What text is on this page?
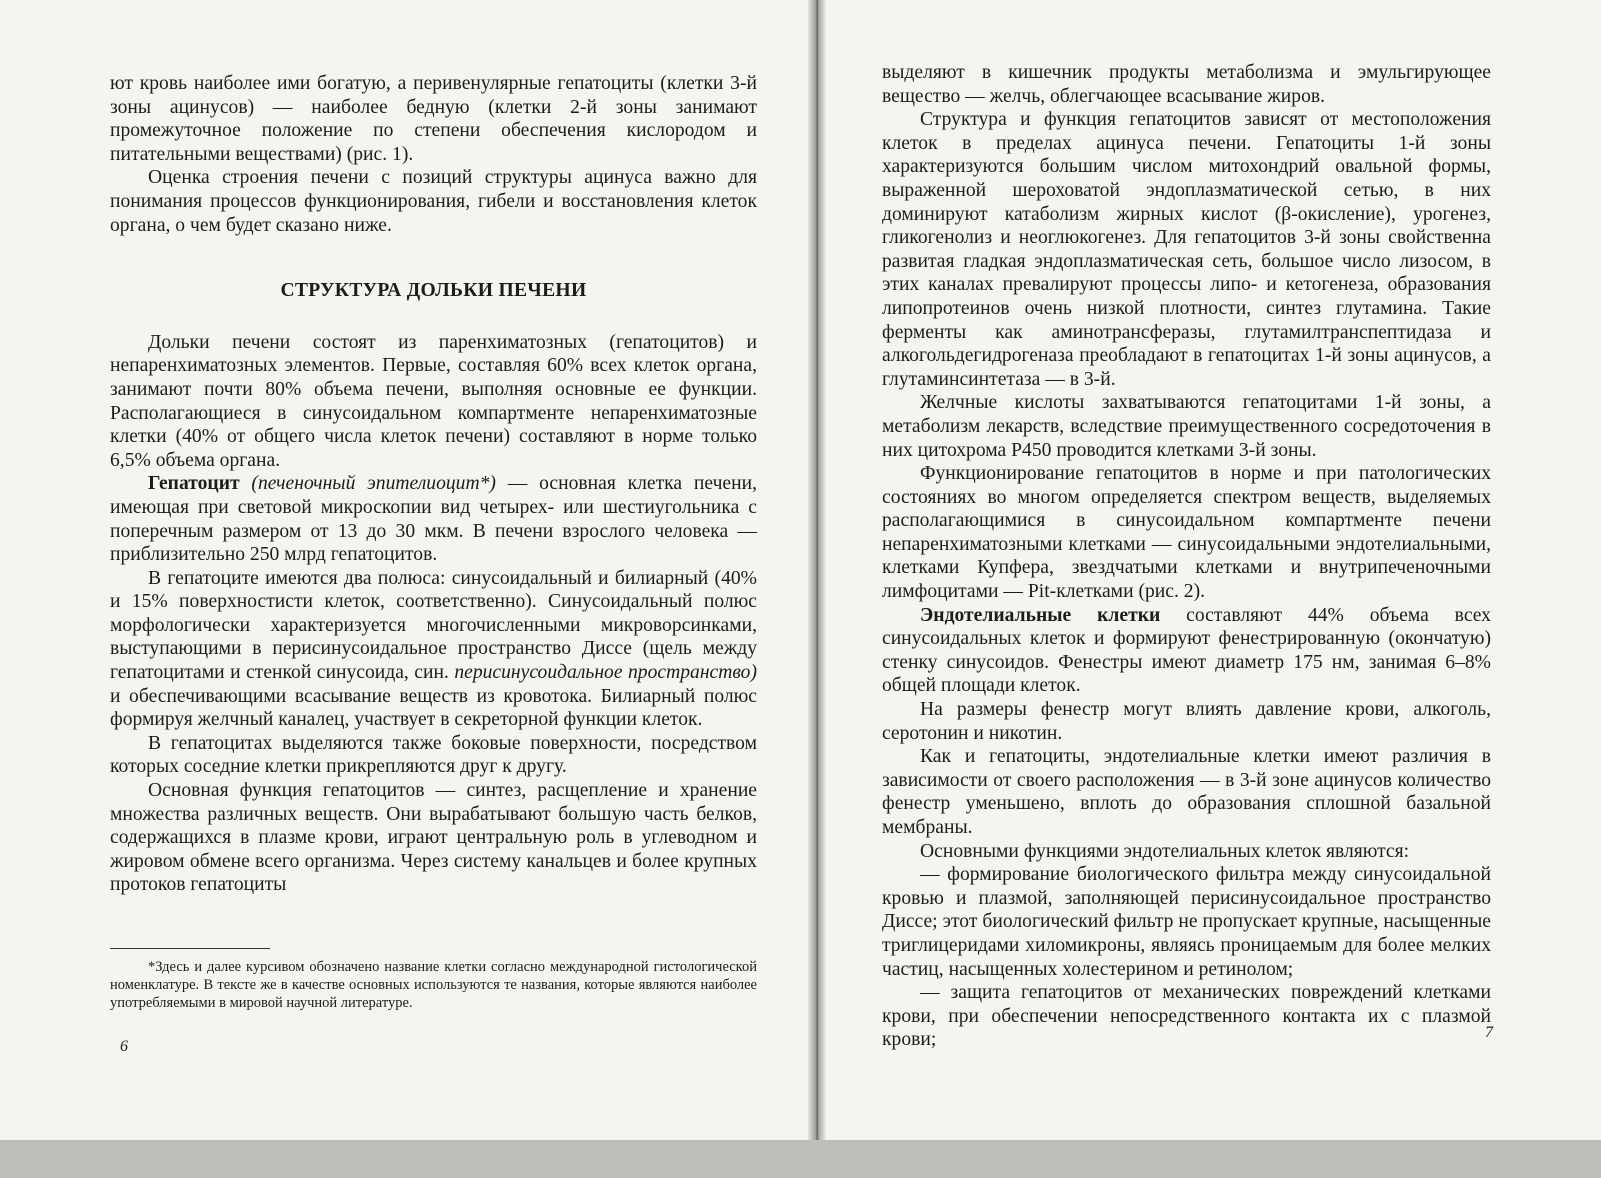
ют кровь наиболее ими богатую, а перивенулярные гепатоциты (клетки 3-й зоны ацинусов) — наиболее бедную (клетки 2-й зоны занимают промежуточное положение по степени обеспечения кислородом и питательными веществами) (рис. 1).

Оценка строения печени с позиций структуры ацинуса важно для понимания процессов функционирования, гибели и восстановления клеток органа, о чем будет сказано ниже.

СТРУКТУРА ДОЛЬКИ ПЕЧЕНИ

Дольки печени состоят из паренхиматозных (гепатоцитов) и непаренхиматозных элементов. Первые, составляя 60% всех клеток органа, занимают почти 80% объема печени, выполняя основные ее функции. Располагающиеся в синусоидальном компартменте непаренхиматозные клетки (40% от общего числа клеток печени) составляют в норме только 6,5% объема органа.

Гепатоцит (печеночный эпителиоцит*) — основная клетка печени, имеющая при световой микроскопии вид четырех- или шестиугольника с поперечным размером от 13 до 30 мкм. В печени взрослого человека — приблизительно 250 млрд гепатоцитов.

В гепатоците имеются два полюса: синусоидальный и билиарный (40% и 15% поверхностиcти клеток, соответственно). Синусоидальный полюс морфологически характеризуется многочисленными микроворсинками, выступающими в перисинусоидальное пространство Диссе (щель между гепатоцитами и стенкой синусоида, син. перисинусоидальное пространство) и обеспечивающими всасывание веществ из кровотока. Билиарный полюс формируя желчный каналец, участвует в секреторной функции клеток.

В гепатоцитах выделяются также боковые поверхности, посредством которых соседние клетки прикрепляются друг к другу.

Основная функция гепатоцитов — синтез, расщепление и хранение множества различных веществ. Они вырабатывают большую часть белков, содержащихся в плазме крови, играют центральную роль в углеводном и жировом обмене всего организма. Через систему канальцев и более крупных протоков гепатоциты

*Здесь и далее курсивом обозначено название клетки согласно международной гистологической номенклатуре. В тексте же в качестве основных используются те названия, которые являются наиболее употребляемыми в мировой научной литературе.

6

выделяют в кишечник продукты метаболизма и эмульгирующее вещество — желчь, облегчающее всасывание жиров.

Структура и функция гепатоцитов зависят от местоположения клеток в пределах ацинуса печени. Гепатоциты 1-й зоны характеризуются большим числом митохондрий овальной формы, выраженной шероховатой эндоплазматической сетью, в них доминируют катаболизм жирных кислот (β-окисление), урогенез, гликогенолиз и неоглюкогенез. Для гепатоцитов 3-й зоны свойственна развитая гладкая эндоплазматическая сеть, большое число лизосом, в этих каналах превалируют процессы липо- и кетогенеза, образования липопротеинов очень низкой плотности, синтез глутамина. Такие ферменты как аминотрансферазы, глутамилтранспептидаза и алкогольдегидрогеназа преобладают в гепатоцитах 1-й зоны ацинусов, а глутаминсинтетаза — в 3-й.

Желчные кислоты захватываются гепатоцитами 1-й зоны, а метаболизм лекарств, вследствие преимущественного сосредоточения в них цитохрома Р450 проводится клетками 3-й зоны.

Функционирование гепатоцитов в норме и при патологических состояниях во многом определяется спектром веществ, выделяемых располагающимися в синусоидальном компартменте печени непаренхиматозными клетками — синусоидальными эндотелиальными, клетками Купфера, звездчатыми клетками и внутрипеченочными лимфоцитами — Pit-клетками (рис. 2).

Эндотелиальные клетки составляют 44% объема всех синусоидальных клеток и формируют фенестрированную (окончатую) стенку синусоидов. Фенестры имеют диаметр 175 нм, занимая 6–8% общей площади клеток.

На размеры фенестр могут влиять давление крови, алкоголь, серотонин и никотин.

Как и гепатоциты, эндотелиальные клетки имеют различия в зависимости от своего расположения — в 3-й зоне ацинусов количество фенестр уменьшено, вплоть до образования сплошной базальной мембраны.

Основными функциями эндотелиальных клеток являются:

— формирование биологического фильтра между синусоидальной кровью и плазмой, заполняющей перисинусоидальное пространство Диссе; этот биологический фильтр не пропускает крупные, насыщенные триглицеридами хиломикроны, являясь проницаемым для более мелких частиц, насыщенных холестерином и ретинолом;

— защита гепатоцитов от механических повреждений клетками крови, при обеспечении непосредственного контакта их с плазмой крови;	7
